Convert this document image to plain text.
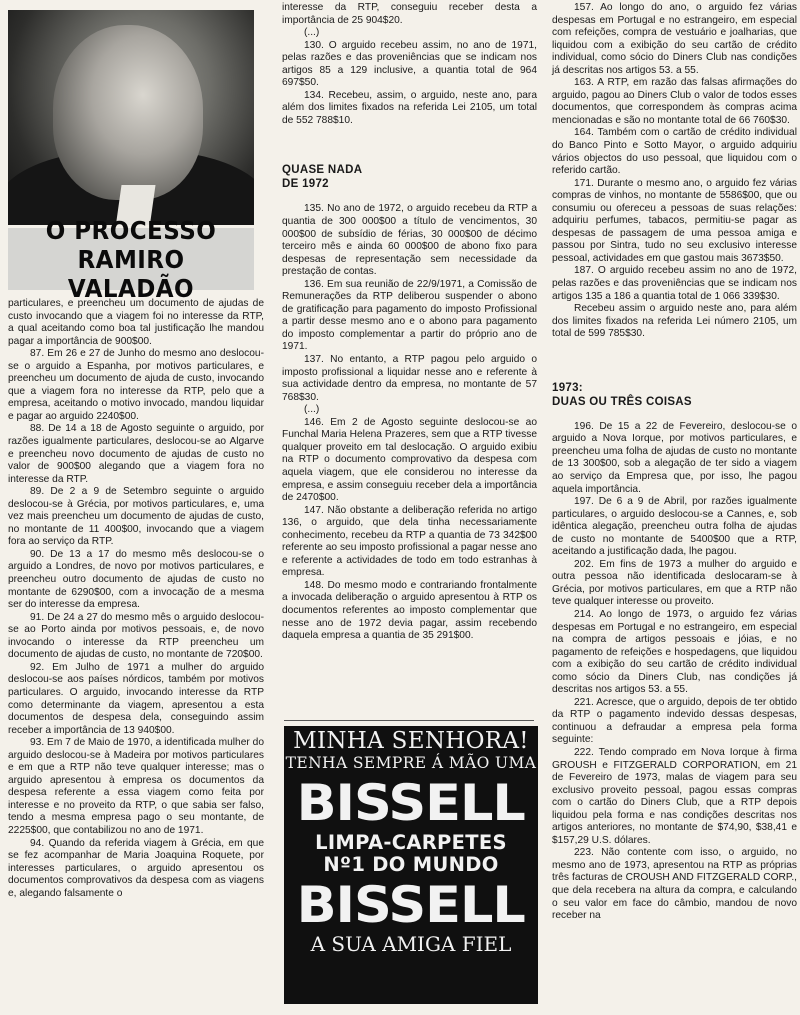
O PROCESSO
RAMIRO VALADÃO

particulares, e preencheu um documento de ajudas de custo invocando que a viagem foi no interesse da RTP, a qual aceitando como boa tal justificação lhe mandou pagar a importância de 900$00.

87. Em 26 e 27 de Junho do mesmo ano deslocou-se o arguido a Espanha, por motivos particulares, e preencheu um documento de ajuda de custo, invocando que a viagem fora no interesse da RTP, pelo que a empresa, aceitando o motivo invocado, mandou liquidar e pagar ao arguido 2240$00.

88. De 14 a 18 de Agosto seguinte o arguido, por razões igualmente particulares, deslocou-se ao Algarve e preencheu novo documento de ajudas de custo no valor de 900$00 alegando que a viagem fora no interesse da RTP.

89. De 2 a 9 de Setembro seguinte o arguido deslocou-se à Grécia, por motivos particulares, e, uma vez mais preencheu um documento de ajudas de custo, no montante de 11 400$00, invocando que a viagem fora ao serviço da RTP.

90. De 13 a 17 do mesmo mês deslocou-se o arguido a Londres, de novo por motivos particulares, e preencheu outro documento de ajudas de custo no montante de 6290$00, com a invocação de a mesma ser do interesse da empresa.

91. De 24 a 27 do mesmo mês o arguido deslocou-se ao Porto ainda por motivos pessoais, e, de novo invocando o interesse da RTP preencheu um documento de ajudas de custo, no montante de 720$00.

92. Em Julho de 1971 a mulher do arguido deslocou-se aos países nórdicos, também por motivos particulares. O arguido, invocando interesse da RTP como determinante da viagem, apresentou a esta documentos de despesa dela, conseguindo assim receber a importância de 13 940$00.

93. Em 7 de Maio de 1970, a identificada mulher do arguido deslocou-se à Madeira por motivos particulares e em que a RTP não teve qualquer interesse; mas o arguido apresentou à empresa os documentos da despesa referente a essa viagem como feita por interesse e no proveito da RTP, o que sabia ser falso, tendo a mesma empresa pago o seu montante, de 2225$00, que contabilizou no ano de 1971.

94. Quando da referida viagem à Grécia, em que se fez acompanhar de Maria Joaquina Roquete, por interesses particulares, o arguido apresentou os documentos comprovativos da despesa com as viagens e, alegando falsamente o

interesse da RTP, conseguiu receber desta a importância de 25 904$20.

(...)

130. O arguido recebeu assim, no ano de 1971, pelas razões e das proveniências que se indicam nos artigos 85 a 129 inclusive, a quantia total de 964 697$50.

134. Recebeu, assim, o arguido, neste ano, para além dos limites fixados na referida Lei 2105, um total de 552 788$10.

QUASE NADA
DE 1972

135. No ano de 1972, o arguido recebeu da RTP a quantia de 300 000$00 a título de vencimentos, 30 000$00 de subsídio de férias, 30 000$00 de décimo terceiro mês e ainda 60 000$00 de abono fixo para despesas de representação sem necessidade da prestação de contas.

136. Em sua reunião de 22/9/1971, a Comissão de Remunerações da RTP deliberou suspender o abono de gratificação para pagamento do imposto Profissional a partir desse mesmo ano e o abono para pagamento do imposto complementar a partir do próprio ano de 1971.

137. No entanto, a RTP pagou pelo arguido o imposto profissional a liquidar nesse ano e referente à sua actividade dentro da empresa, no montante de 57 768$30.

(...)

146. Em 2 de Agosto seguinte deslocou-se ao Funchal Maria Helena Prazeres, sem que a RTP tivesse qualquer proveito em tal deslocação. O arguido exibiu na RTP o documento comprovativo da despesa com aquela viagem, que ele considerou no interesse da empresa, e assim conseguiu receber dela a importância de 2470$00.

147. Não obstante a deliberação referida no artigo 136, o arguido, que dela tinha necessariamente conhecimento, recebeu da RTP a quantia de 73 342$00 referente ao seu imposto profissional a pagar nesse ano e referente a actividades de todo em todo estranhas à empresa.

148. Do mesmo modo e contrariando frontalmente a invocada deliberação o arguido apresentou à RTP os documentos referentes ao imposto complementar que nesse ano de 1972 devia pagar, assim recebendo daquela empresa a quantia de 35 291$00.

MINHA SENHORA!
TENHA SEMPRE Á MÃO UMA
BISSELL
LIMPA-CARPETES
Nº1 DO MUNDO
BISSELL
A SUA AMIGA FIEL

157. Ao longo do ano, o arguido fez várias despesas em Portugal e no estrangeiro, em especial com refeições, compra de vestuário e joalharias, que liquidou com a exibição do seu cartão de crédito individual, como sócio do Diners Club nas condições já descritas nos artigos 53. a 55.

163. A RTP, em razão das falsas afirmações do arguido, pagou ao Diners Club o valor de todos esses documentos, que correspondem às compras acima mencionadas e são no montante total de 66 760$30.

164. Também com o cartão de crédito individual do Banco Pinto e Sotto Mayor, o arguido adquiriu vários objectos do uso pessoal, que liquidou com o referido cartão.

171. Durante o mesmo ano, o arguido fez várias compras de vinhos, no montante de 5586$00, que ou consumiu ou ofereceu a pessoas de suas relações: adquiriu perfumes, tabacos, permitiu-se pagar as despesas de passagem de uma pessoa amiga e passou por Sintra, tudo no seu exclusivo interesse pessoal, actividades em que gastou mais 3673$50.

187. O arguido recebeu assim no ano de 1972, pelas razões e das proveniências que se indicam nos artigos 135 a 186 a quantia total de 1 066 339$30.

Recebeu assim o arguido neste ano, para além dos limites fixados na referida Lei número 2105, um total de 599 785$30.

1973:
DUAS OU TRÊS COISAS

196. De 15 a 22 de Fevereiro, deslocou-se o arguido a Nova Iorque, por motivos particulares, e preencheu uma folha de ajudas de custo no montante de 13 300$00, sob a alegação de ter sido a viagem ao serviço da Empresa que, por isso, lhe pagou aquela importância.

197. De 6 a 9 de Abril, por razões igualmente particulares, o arguido deslocou-se a Cannes, e, sob idêntica alegação, preencheu outra folha de ajudas de custo no montante de 5400$00 que a RTP, aceitando a justificação dada, lhe pagou.

202. Em fins de 1973 a mulher do arguido e outra pessoa não identificada deslocaram-se à Grécia, por motivos particulares, em que a RTP não teve qualquer interesse ou proveito.

214. Ao longo de 1973, o arguido fez várias despesas em Portugal e no estrangeiro, em especial na compra de artigos pessoais e jóias, e no pagamento de refeições e hospedagens, que liquidou com a exibição do seu cartão de crédito individual como sócio da Diners Club, nas condições já descritas nos artigos 53. a 55.

221. Acresce, que o arguido, depois de ter obtido da RTP o pagamento indevido dessas despesas, continuou a defraudar a empresa pela forma seguinte:

222. Tendo comprado em Nova Iorque à firma GROUSH e FITZGERALD CORPORATION, em 21 de Fevereiro de 1973, malas de viagem para seu exclusivo proveito pessoal, pagou essas compras com o cartão do Diners Club, que a RTP depois liquidou pela forma e nas condições descritas nos artigos anteriores, no montante de $74,90, $38,41 e $157,29 U.S. dólares.

223. Não contente com isso, o arguido, no mesmo ano de 1973, apresentou na RTP as próprias três facturas de CROUSH AND FITZGERALD CORP., que dela recebera na altura da compra, e calculando o seu valor em face do câmbio, mandou de novo receber na
